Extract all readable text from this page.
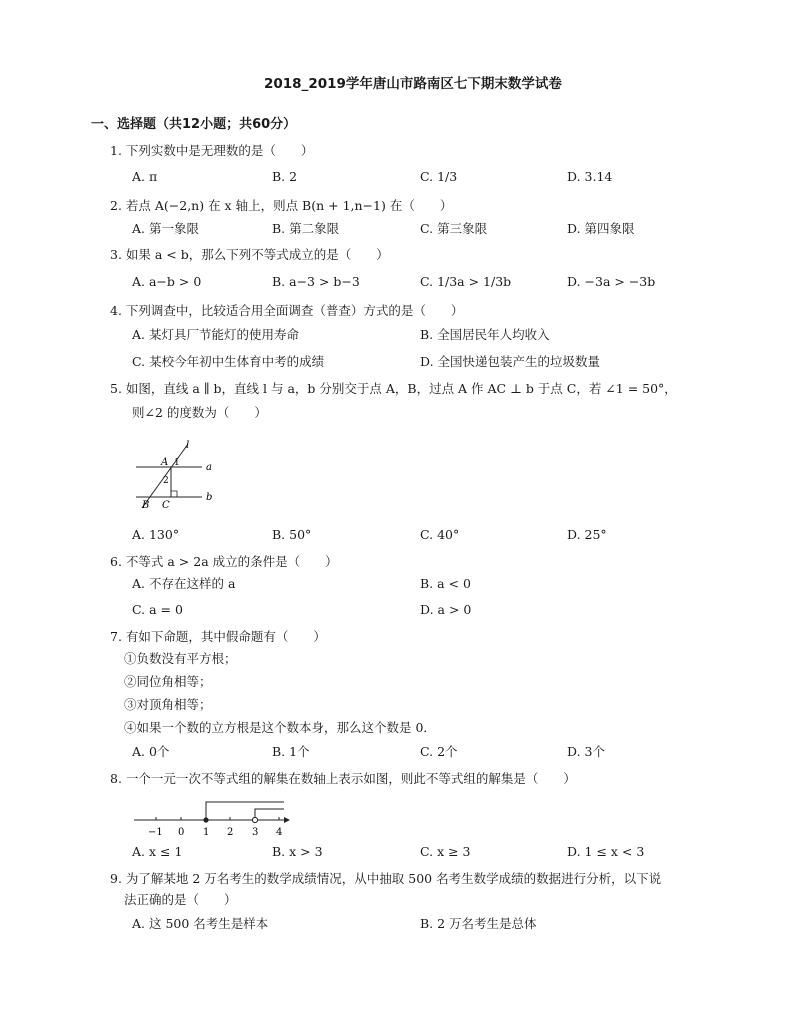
2018_2019学年唐山市路南区七下期末数学试卷
一、选择题（共12小题；共60分）
1. 下列实数中是无理数的是（　　）
A. π	B. 2	C. 1/3	D. 3.14
2. 若点 A(−2,n) 在 x 轴上，则点 B(n + 1,n−1) 在（　　）
A. 第一象限	B. 第二象限	C. 第三象限	D. 第四象限
3. 如果 a < b，那么下列不等式成立的是（　　）
A. a−b > 0	B. a−3 > b−3	C. 1/3a > 1/3b	D. −3a > −3b
4. 下列调查中，比较适合用全面调查（普查）方式的是（　　）
A. 某灯具厂节能灯的使用寿命	B. 全国居民年人均收入
C. 某校今年初中生体育中考的成绩	D. 全国快递包装产生的垃圾数量
5. 如图，直线 a ∥ b，直线 l 与 a，b 分别交于点 A，B，过点 A 作 AC ⊥ b 于点 C，若 ∠1 = 50°，
则∠2 的度数为（　　）
l
A 1	a
2
B C
b
A. 130°	B. 50°	C. 40°	D. 25°
6. 不等式 a > 2a 成立的条件是（　　）
A. 不存在这样的 a	B. a < 0
C. a = 0	D. a > 0
7. 有如下命题，其中假命题有（　　）
①负数没有平方根；
②同位角相等；
③对顶角相等；
④如果一个数的立方根是这个数本身，那么这个数是 0．
A. 0个	B. 1个	C. 2个	D. 3个
8. 一个一元一次不等式组的解集在数轴上表示如图，则此不等式组的解集是（　　）
−1 0 1 2 3 4
A. x ≤ 1	B. x > 3	C. x ≥ 3	D. 1 ≤ x < 3
9. 为了解某地 2 万名考生的数学成绩情况，从中抽取 500 名考生数学成绩的数据进行分析，以下说
法正确的是（　　）
A. 这 500 名考生是样本	B. 2 万名考生是总体
